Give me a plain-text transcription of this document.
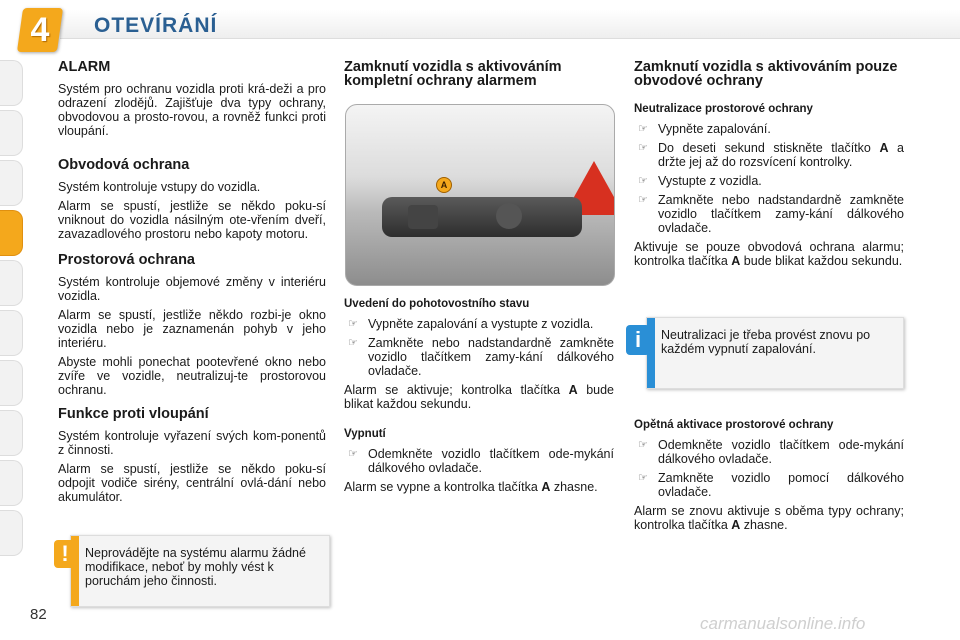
4	OTEVÍRÁNÍ
ALARM

Systém pro ochranu vozidla proti krá-deži a pro odrazení zlodějů. Zajišťuje dva typy ochrany, obvodovou a prosto-rovou, a rovněž funkci proti vloupání.

Obvodová ochrana

Systém kontroluje vstupy do vozidla.

Alarm se spustí, jestliže se někdo poku-sí vniknout do vozidla násilným ote-vřením dveří, zavazadlového prostoru nebo kapoty motoru.

Prostorová ochrana

Systém kontroluje objemové změny v interiéru vozidla.

Alarm se spustí, jestliže někdo rozbi-je okno vozidla nebo je zaznamenán pohyb v jeho interiéru.

Abyste mohli ponechat pootevřené okno nebo zvíře ve vozidle, neutralizuj-te prostorovou ochranu.

Funkce proti vloupání

Systém kontroluje vyřazení svých kom-ponentů z činnosti.

Alarm se spustí, jestliže se někdo poku-sí odpojit vodiče sirény, centrální ovlá-dání nebo akumulátor.

Neprovádějte na systému alarmu žádné modifikace, neboť by mohly vést k poruchám jeho činnosti.
!
Zamknutí vozidla s aktivováním kompletní ochrany alarmem
A
Uvedení do pohotovostního stavu
☞ Vypněte zapalování a vystupte z vozidla.
☞ Zamkněte nebo nadstandardně zamkněte vozidlo tlačítkem zamy-kání dálkového ovladače.

Alarm se aktivuje; kontrolka tlačítka A bude blikat každou sekundu.

Vypnutí
☞ Odemkněte vozidlo tlačítkem ode-mykání dálkového ovladače.

Alarm se vypne a kontrolka tlačítka A zhasne.

Zamknutí vozidla s aktivováním pouze obvodové ochrany
Neutralizace prostorové ochrany
☞ Vypněte zapalování.
☞ Do deseti sekund stiskněte tlačítko A a držte jej až do rozsvícení kontrolky.
☞ Vystupte z vozidla.
☞ Zamkněte nebo nadstandardně zamkněte vozidlo tlačítkem zamy-kání dálkového ovladače.

Aktivuje se pouze obvodová ochrana alarmu; kontrolka tlačítka A bude blikat každou sekundu.

Neutralizaci je třeba provést znovu po každém vypnutí zapalování.
i
Opětná aktivace prostorové ochrany
☞ Odemkněte vozidlo tlačítkem ode-mykání dálkového ovladače.
☞ Zamkněte vozidlo pomocí dálkového ovladače.

Alarm se znovu aktivuje s oběma typy ochrany; kontrolka tlačítka A zhasne.

82	carmanualsonline.info
